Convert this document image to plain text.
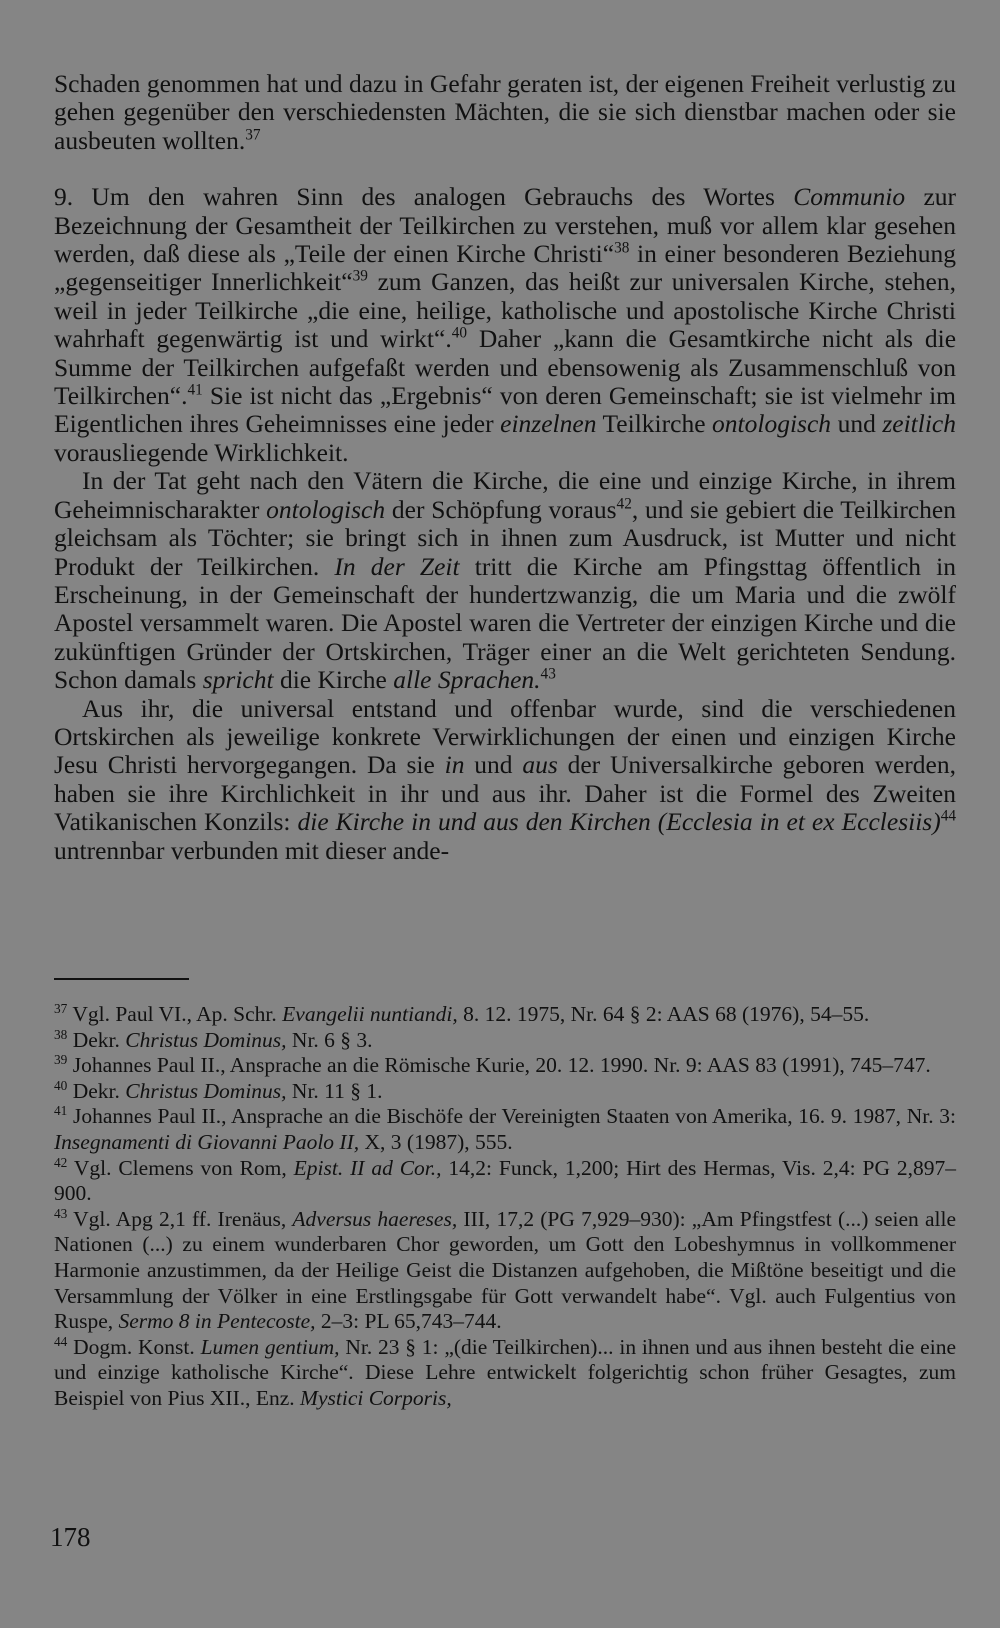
Schaden genommen hat und dazu in Gefahr geraten ist, der eigenen Freiheit verlustig zu gehen gegenüber den verschiedensten Mächten, die sie sich dienstbar machen oder sie ausbeuten wollten.$^{37}$

9. Um den wahren Sinn des analogen Gebrauchs des Wortes Communio zur Bezeichnung der Gesamtheit der Teilkirchen zu verstehen, muß vor allem klar gesehen werden, daß diese als „Teile der einen Kirche Christi“$^{38}$ in einer besonderen Beziehung „gegenseitiger Innerlichkeit“$^{39}$ zum Ganzen, das heißt zur universalen Kirche, stehen, weil in jeder Teilkirche „die eine, heilige, katholische und apostolische Kirche Christi wahrhaft gegenwärtig ist und wirkt“.$^{40}$ Daher „kann die Gesamtkirche nicht als die Summe der Teilkirchen aufgefaßt werden und ebensowenig als Zusammenschluß von Teilkirchen“.$^{41}$ Sie ist nicht das „Ergebnis“ von deren Gemeinschaft; sie ist vielmehr im Eigentlichen ihres Geheimnisses eine jeder einzelnen Teilkirche ontologisch und zeitlich vorausliegende Wirklichkeit.

In der Tat geht nach den Vätern die Kirche, die eine und einzige Kirche, in ihrem Geheimnischarakter ontologisch der Schöpfung voraus$^{42}$, und sie gebiert die Teilkirchen gleichsam als Töchter; sie bringt sich in ihnen zum Ausdruck, ist Mutter und nicht Produkt der Teilkirchen. In der Zeit tritt die Kirche am Pfingsttag öffentlich in Erscheinung, in der Gemeinschaft der hundertzwanzig, die um Maria und die zwölf Apostel versammelt waren. Die Apostel waren die Vertreter der einzigen Kirche und die zukünftigen Gründer der Ortskirchen, Träger einer an die Welt gerichteten Sendung. Schon damals spricht die Kirche alle Sprachen.$^{43}$

Aus ihr, die universal entstand und offenbar wurde, sind die verschiedenen Ortskirchen als jeweilige konkrete Verwirklichungen der einen und einzigen Kirche Jesu Christi hervorgegangen. Da sie in und aus der Universalkirche geboren werden, haben sie ihre Kirchlichkeit in ihr und aus ihr. Daher ist die Formel des Zweiten Vatikanischen Konzils: die Kirche in und aus den Kirchen (Ecclesia in et ex Ecclesiis)$^{44}$ untrennbar verbunden mit dieser ande-

$^{37}$ Vgl. Paul VI., Ap. Schr. Evangelii nuntiandi, 8. 12. 1975, Nr. 64 § 2: AAS 68 (1976), 54–55.

$^{38}$ Dekr. Christus Dominus, Nr. 6 § 3.

$^{39}$ Johannes Paul II., Ansprache an die Römische Kurie, 20. 12. 1990. Nr. 9: AAS 83 (1991), 745–747.

$^{40}$ Dekr. Christus Dominus, Nr. 11 § 1.

$^{41}$ Johannes Paul II., Ansprache an die Bischöfe der Vereinigten Staaten von Amerika, 16. 9. 1987, Nr. 3: Insegnamenti di Giovanni Paolo II, X, 3 (1987), 555.

$^{42}$ Vgl. Clemens von Rom, Epist. II ad Cor., 14,2: Funck, 1,200; Hirt des Hermas, Vis. 2,4: PG 2,897–900.

$^{43}$ Vgl. Apg 2,1 ff. Irenäus, Adversus haereses, III, 17,2 (PG 7,929–930): „Am Pfingstfest (...) seien alle Nationen (...) zu einem wunderbaren Chor geworden, um Gott den Lobeshymnus in vollkommener Harmonie anzustimmen, da der Heilige Geist die Distanzen aufgehoben, die Mißtöne beseitigt und die Versammlung der Völker in eine Erstlingsgabe für Gott verwandelt habe“. Vgl. auch Fulgentius von Ruspe, Sermo 8 in Pentecoste, 2–3: PL 65,743–744.

$^{44}$ Dogm. Konst. Lumen gentium, Nr. 23 § 1: „(die Teilkirchen)... in ihnen und aus ihnen besteht die eine und einzige katholische Kirche“. Diese Lehre entwickelt folgerichtig schon früher Gesagtes, zum Beispiel von Pius XII., Enz. Mystici Corporis,

178
